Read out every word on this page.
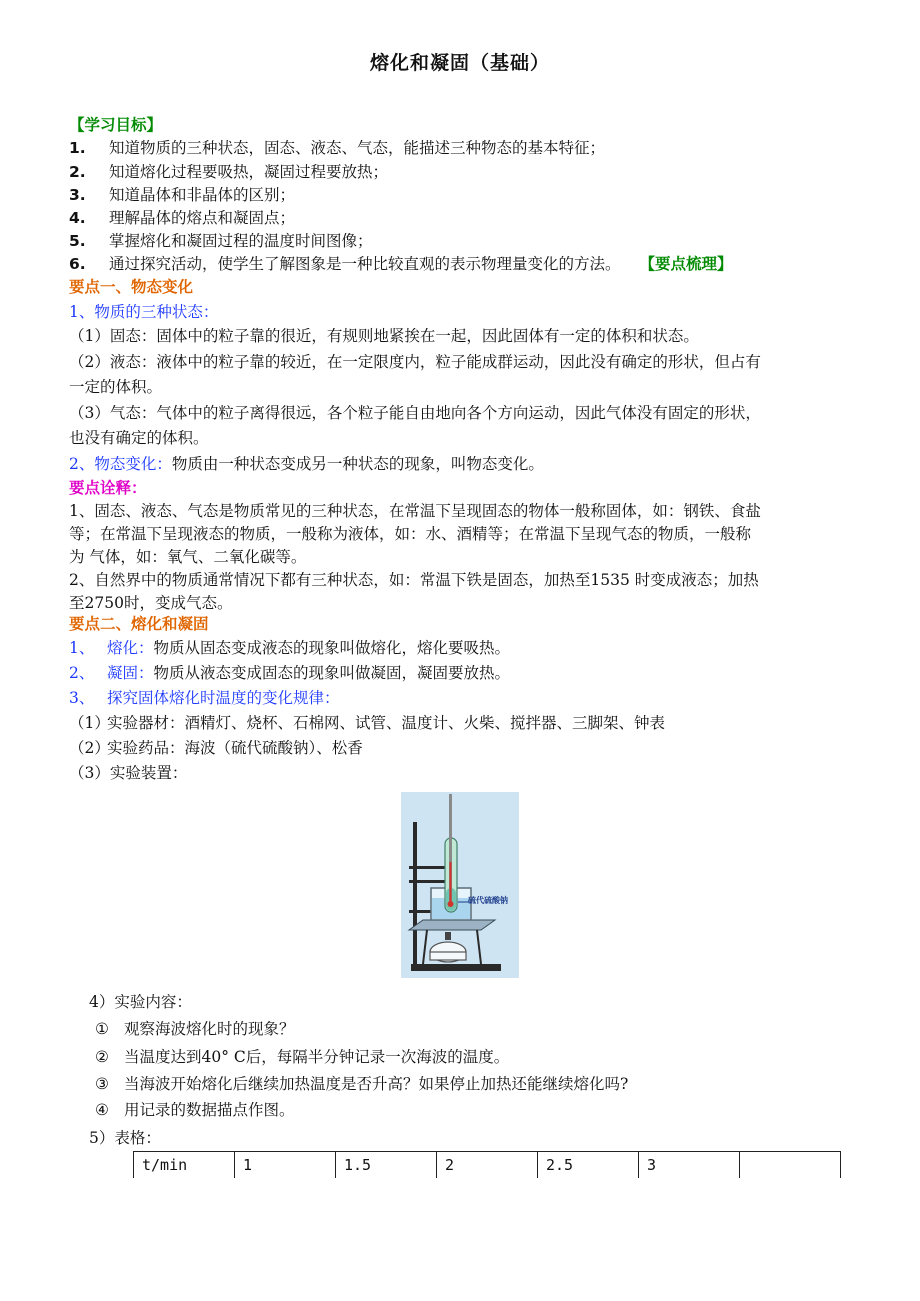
熔化和凝固（基础）
【学习目标】
1. 知道物质的三种状态，固态、液态、气态，能描述三种物态的基本特征；
2. 知道熔化过程要吸热，凝固过程要放热；
3. 知道晶体和非晶体的区别；
4. 理解晶体的熔点和凝固点；
5. 掌握熔化和凝固过程的温度时间图像；
6. 通过探究活动，使学生了解图象是一种比较直观的表示物理量变化的方法。 【要点梳理】
要点一、物态变化
1、物质的三种状态：
（1）固态：固体中的粒子靠的很近，有规则地紧挨在一起，因此固体有一定的体积和状态。
（2）液态：液体中的粒子靠的较近，在一定限度内，粒子能成群运动，因此没有确定的形状，但占有
一定的体积。
（3）气态：气体中的粒子离得很远，各个粒子能自由地向各个方向运动，因此气体没有固定的形状，
也没有确定的体积。
2、物态变化：物质由一种状态变成另一种状态的现象，叫物态变化。
要点诠释：
1、固态、液态、气态是物质常见的三种状态，在常温下呈现固态的物体一般称固体，如：钢铁、食盐
等；在常温下呈现液态的物质，一般称为液体，如：水、酒精等；在常温下呈现气态的物质，一般称
为 气体，如：氧气、二氧化碳等。
2、自然界中的物质通常情况下都有三种状态，如：常温下铁是固态，加热至1535 时变成液态；加热
至2750时，变成气态。
要点二、熔化和凝固
1、 熔化：物质从固态变成液态的现象叫做熔化，熔化要吸热。
2、 凝固：物质从液态变成固态的现象叫做凝固，凝固要放热。
3、 探究固体熔化时温度的变化规律：
（1）实验器材：酒精灯、烧杯、石棉网、试管、温度计、火柴、搅拌器、三脚架、钟表
（2）实验药品：海波（硫代硫酸钠）、松香
（3）实验装置：
硫代硫酸钠
4）实验内容：
① 观察海波熔化时的现象？
② 当温度达到40° C后，每隔半分钟记录一次海波的温度。
③ 当海波开始熔化后继续加热温度是否升高？如果停止加热还能继续熔化吗?
④ 用记录的数据描点作图。
5）表格：
t/min	1	1.5	2	2.5	3	
